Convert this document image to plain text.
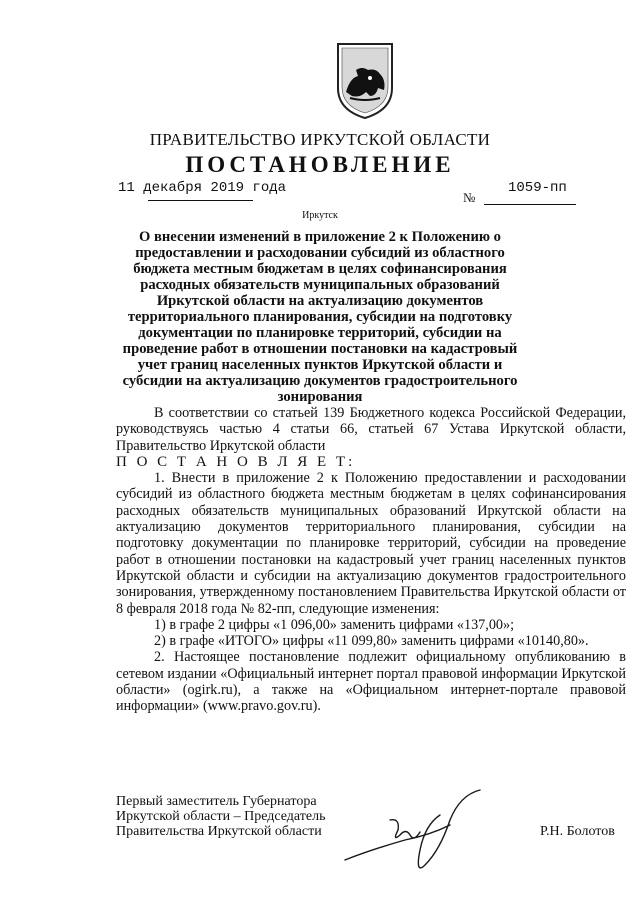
ПРАВИТЕЛЬСТВО ИРКУТСКОЙ ОБЛАСТИ
ПОСТАНОВЛЕНИЕ
11 декабря 2019 года
№
1059-пп
Иркутск
О внесении изменений в приложение 2 к Положению о предоставлении и расходовании субсидий из областного бюджета местным бюджетам в целях софинансирования расходных обязательств муниципальных образований Иркутской области на актуализацию документов территориального планирования, субсидии на подготовку документации по планировке территорий, субсидии на проведение работ в отношении постановки на кадастровый учет границ населенных пунктов Иркутской области и субсидии на актуализацию документов градостроительного зонирования

В соответствии со статьей 139 Бюджетного кодекса Российской Федерации, руководствуясь частью 4 статьи 66, статьей 67 Устава Иркутской области, Правительство Иркутской области

П О С Т А Н О В Л Я Е Т:

1. Внести в приложение 2 к Положению предоставлении и расходовании субсидий из областного бюджета местным бюджетам в целях софинансирования расходных обязательств муниципальных образований Иркутской области на актуализацию документов территориального планирования, субсидии на подготовку документации по планировке территорий, субсидии на проведение работ в отношении постановки на кадастровый учет границ населенных пунктов Иркутской области и субсидии на актуализацию документов градостроительного зонирования, утвержденному постановлением Правительства Иркутской области от 8 февраля 2018 года № 82-пп, следующие изменения:

1) в графе 2 цифры «1 096,00» заменить цифрами «137,00»;

2) в графе «ИТОГО» цифры «11 099,80» заменить цифрами «10140,80».

2. Настоящее постановление подлежит официальному опубликованию в сетевом издании «Официальный интернет портал правовой информации Иркутской области» (ogirk.ru), а также на «Официальном интернет-портале правовой информации» (www.pravo.gov.ru).

Первый заместитель Губернатора
Иркутской области – Председатель
Правительства Иркутской области	Р.Н. Болотов
